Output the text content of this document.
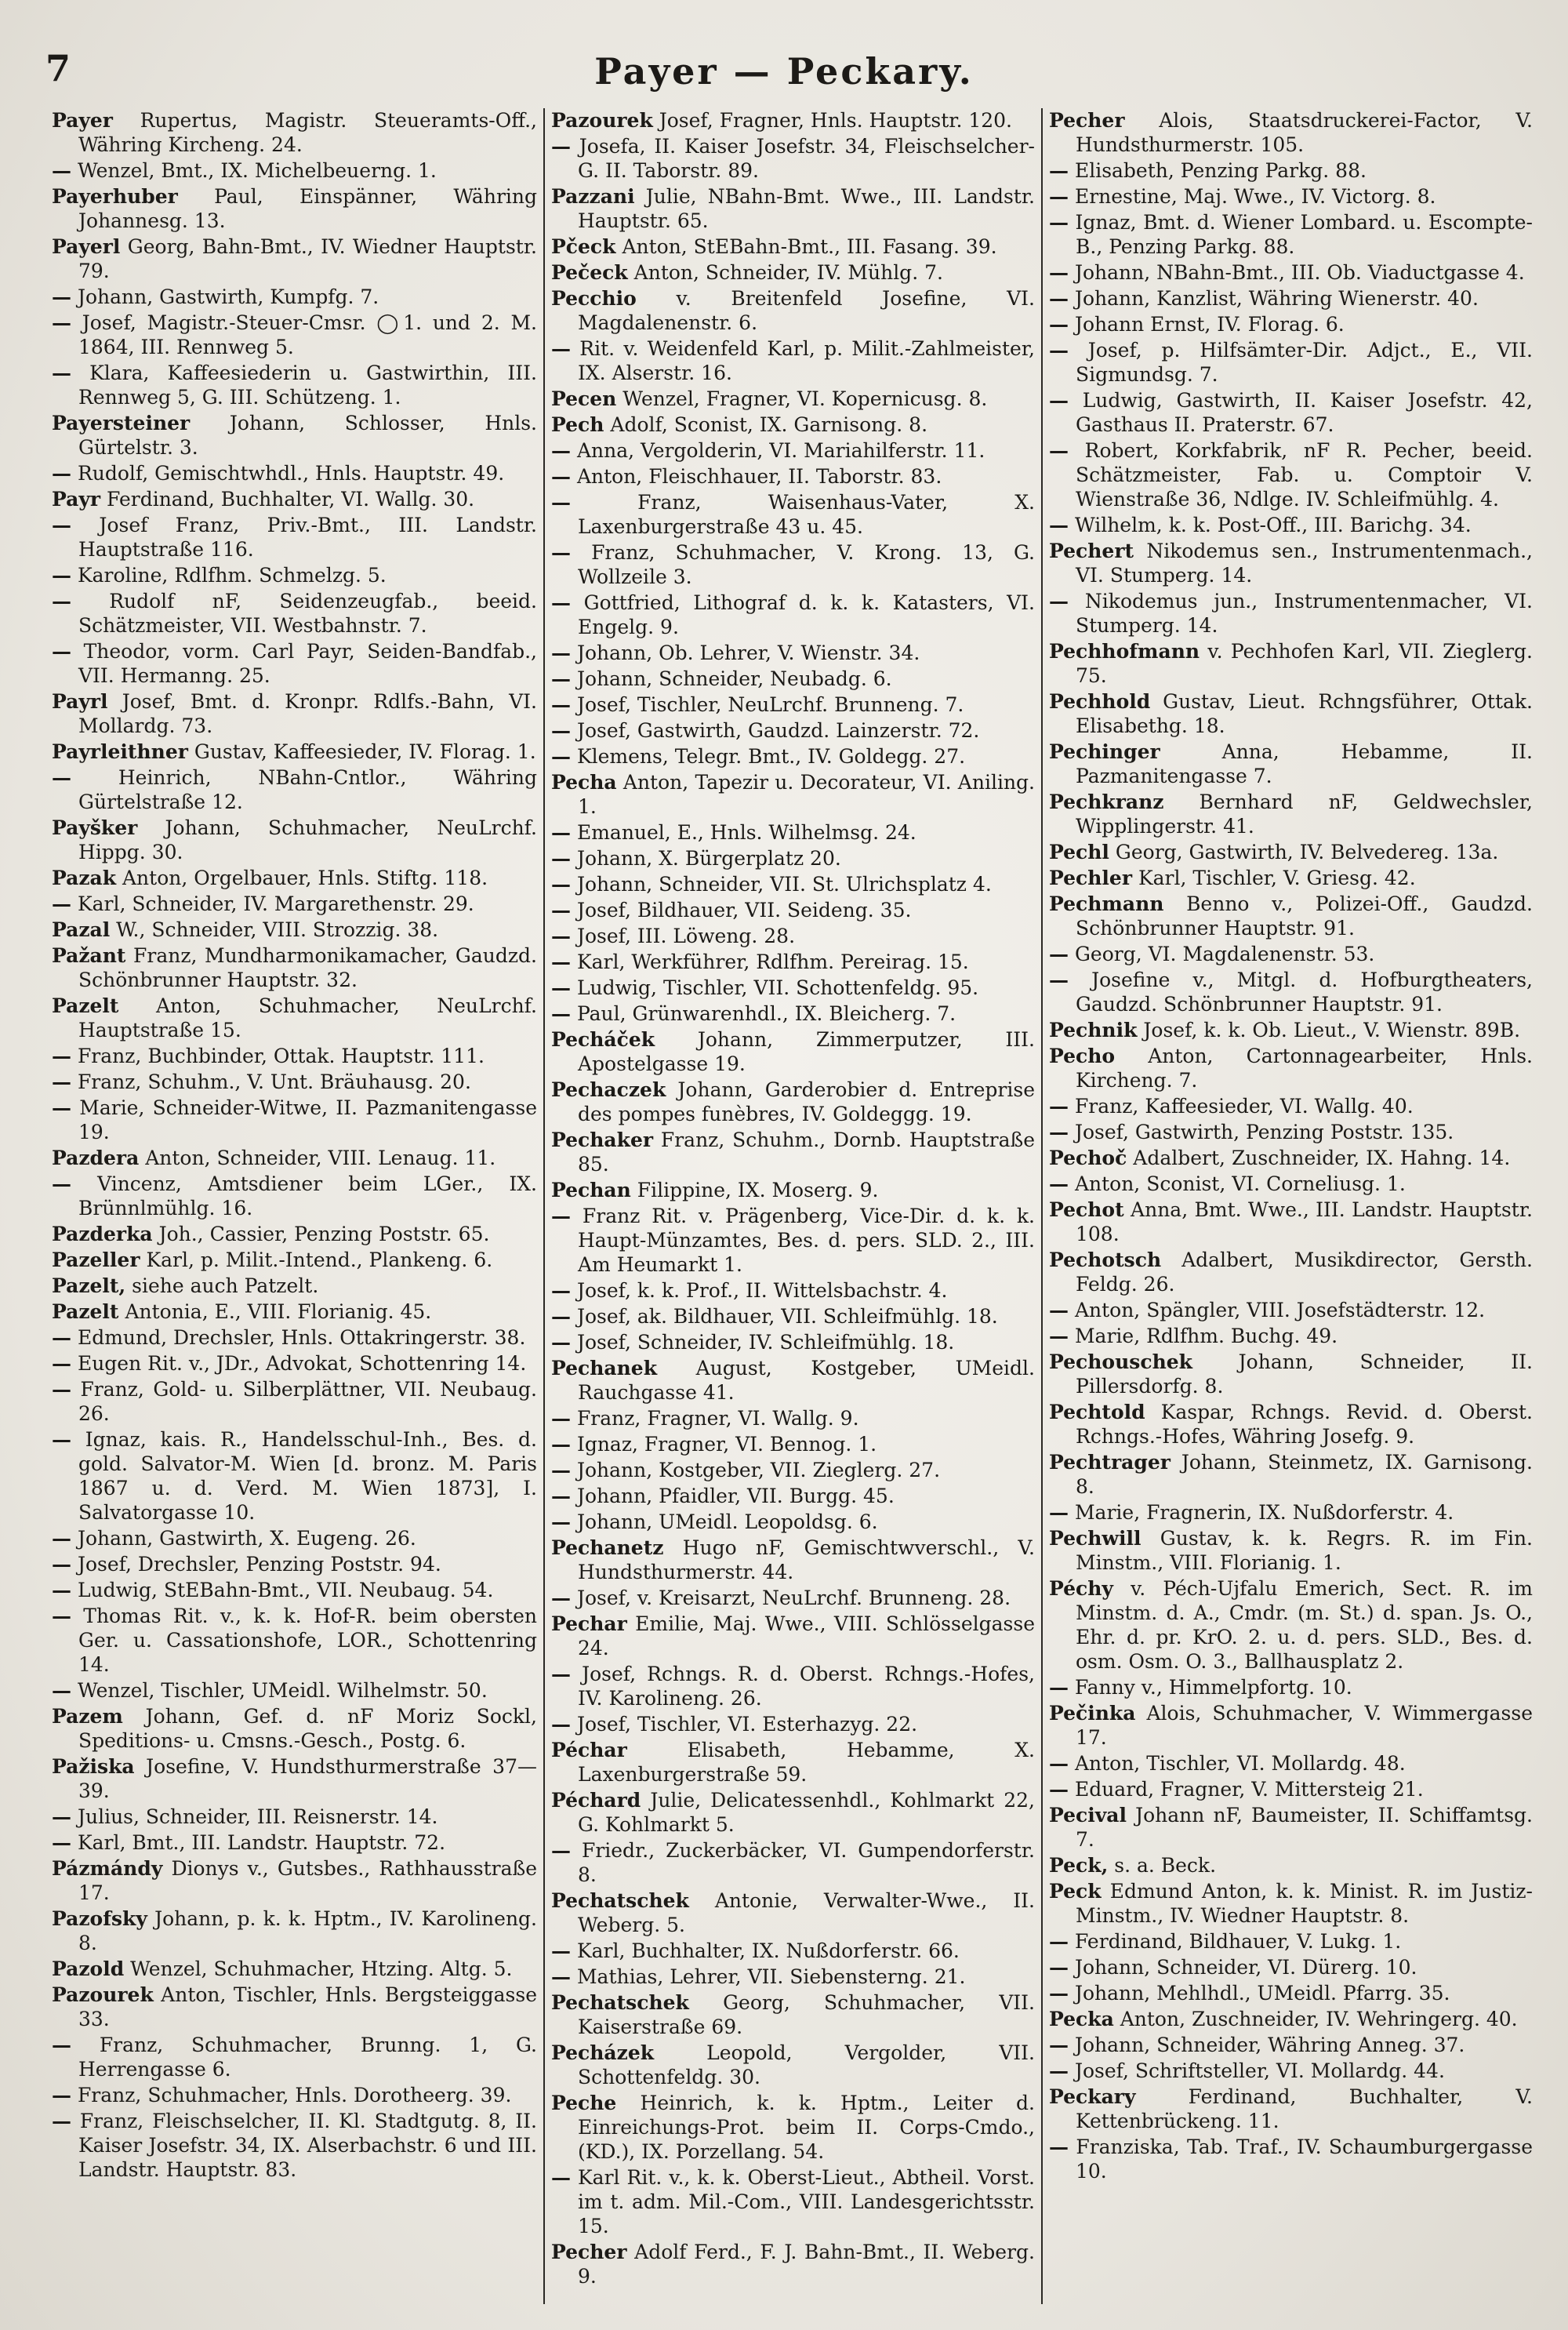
7	Payer — Peckary.
Payer Rupertus, Magistr. Steueramts-Off., Währing Kircheng. 24.
— Wenzel, Bmt., IX. Michelbeuerng. 1.
Payerhuber Paul, Einspänner, Währing Johannesg. 13.
Payerl Georg, Bahn-Bmt., IV. Wiedner Hauptstr. 79.
— Johann, Gastwirth, Kumpfg. 7.
— Josef, Magistr.-Steuer-Cmsr. ◯1. und 2. M. 1864, III. Rennweg 5.
— Klara, Kaffeesiederin u. Gastwirthin, III. Rennweg 5, G. III. Schützeng. 1.
Payersteiner Johann, Schlosser, Hnls. Gürtelstr. 3.
— Rudolf, Gemischtwhdl., Hnls. Hauptstr. 49.
Payr Ferdinand, Buchhalter, VI. Wallg. 30.
— Josef Franz, Priv.-Bmt., III. Landstr. Hauptstraße 116.
— Karoline, Rdlfhm. Schmelzg. 5.
— Rudolf nF, Seidenzeugfab., beeid. Schätzmeister, VII. Westbahnstr. 7.
— Theodor, vorm. Carl Payr, Seiden-Bandfab., VII. Hermanng. 25.
Payrl Josef, Bmt. d. Kronpr. Rdlfs.-Bahn, VI. Mollardg. 73.
Payrleithner Gustav, Kaffeesieder, IV. Florag. 1.
— Heinrich, NBahn-Cntlor., Währing Gürtelstraße 12.
Payšker Johann, Schuhmacher, NeuLrchf. Hippg. 30.
Pazak Anton, Orgelbauer, Hnls. Stiftg. 118.
— Karl, Schneider, IV. Margarethenstr. 29.
Pazal W., Schneider, VIII. Strozzig. 38.
Pažant Franz, Mundharmonikamacher, Gaudzd. Schönbrunner Hauptstr. 32.
Pazelt Anton, Schuhmacher, NeuLrchf. Hauptstraße 15.
— Franz, Buchbinder, Ottak. Hauptstr. 111.
— Franz, Schuhm., V. Unt. Bräuhausg. 20.
— Marie, Schneider-Witwe, II. Pazmanitengasse 19.
Pazdera Anton, Schneider, VIII. Lenaug. 11.
— Vincenz, Amtsdiener beim LGer., IX. Brünnlmühlg. 16.
Pazderka Joh., Cassier, Penzing Poststr. 65.
Pazeller Karl, p. Milit.-Intend., Plankeng. 6.
Pazelt, siehe auch Patzelt.
Pazelt Antonia, E., VIII. Florianig. 45.
— Edmund, Drechsler, Hnls. Ottakringerstr. 38.
— Eugen Rit. v., JDr., Advokat, Schottenring 14.
— Franz, Gold- u. Silberplättner, VII. Neubaug. 26.
— Ignaz, kais. R., Handelsschul-Inh., Bes. d. gold. Salvator-M. Wien [d. bronz. M. Paris 1867 u. d. Verd. M. Wien 1873], I. Salvatorgasse 10.
— Johann, Gastwirth, X. Eugeng. 26.
— Josef, Drechsler, Penzing Poststr. 94.
— Ludwig, StEBahn-Bmt., VII. Neubaug. 54.
— Thomas Rit. v., k. k. Hof-R. beim obersten Ger. u. Cassationshofe, LOR., Schottenring 14.
— Wenzel, Tischler, UMeidl. Wilhelmstr. 50.
Pazem Johann, Gef. d. nF Moriz Sockl, Speditions- u. Cmsns.-Gesch., Postg. 6.
Pažiska Josefine, V. Hundsthurmerstraße 37—39.
— Julius, Schneider, III. Reisnerstr. 14.
— Karl, Bmt., III. Landstr. Hauptstr. 72.
Pázmándy Dionys v., Gutsbes., Rathhausstraße 17.
Pazofsky Johann, p. k. k. Hptm., IV. Karolineng. 8.
Pazold Wenzel, Schuhmacher, Htzing. Altg. 5.
Pazourek Anton, Tischler, Hnls. Bergsteiggasse 33.
— Franz, Schuhmacher, Brunng. 1, G. Herrengasse 6.
— Franz, Schuhmacher, Hnls. Dorotheerg. 39.
— Franz, Fleischselcher, II. Kl. Stadtgutg. 8, II. Kaiser Josefstr. 34, IX. Alserbachstr. 6 und III. Landstr. Hauptstr. 83.
Pazourek Josef, Fragner, Hnls. Hauptstr. 120.
— Josefa, II. Kaiser Josefstr. 34, Fleischselcher-G. II. Taborstr. 89.
Pazzani Julie, NBahn-Bmt. Wwe., III. Landstr. Hauptstr. 65.
Pčeck Anton, StEBahn-Bmt., III. Fasang. 39.
Pečeck Anton, Schneider, IV. Mühlg. 7.
Pecchio v. Breitenfeld Josefine, VI. Magdalenenstr. 6.
— Rit. v. Weidenfeld Karl, p. Milit.-Zahlmeister, IX. Alserstr. 16.
Pecen Wenzel, Fragner, VI. Kopernicusg. 8.
Pech Adolf, Sconist, IX. Garnisong. 8.
— Anna, Vergolderin, VI. Mariahilferstr. 11.
— Anton, Fleischhauer, II. Taborstr. 83.
—	Franz, Waisenhaus-Vater, X. Laxenburgerstraße 43 u. 45.
— Franz, Schuhmacher, V. Krong. 13, G. Wollzeile 3.
— Gottfried, Lithograf d. k. k. Katasters, VI. Engelg. 9.
— Johann, Ob. Lehrer, V. Wienstr. 34.
— Johann, Schneider, Neubadg. 6.
— Josef, Tischler, NeuLrchf. Brunneng. 7.
— Josef, Gastwirth, Gaudzd. Lainzerstr. 72.
— Klemens, Telegr. Bmt., IV. Goldegg. 27.
Pecha Anton, Tapezir u. Decorateur, VI. Aniling. 1.
— Emanuel, E., Hnls. Wilhelmsg. 24.
— Johann, X. Bürgerplatz 20.
— Johann, Schneider, VII. St. Ulrichsplatz 4.
— Josef, Bildhauer, VII. Seideng. 35.
— Josef, III. Löweng. 28.
— Karl, Werkführer, Rdlfhm. Pereirag. 15.
— Ludwig, Tischler, VII. Schottenfeldg. 95.
— Paul, Grünwarenhdl., IX. Bleicherg. 7.
Pecháček Johann, Zimmerputzer, III. Apostelgasse 19.
Pechaczek Johann, Garderobier d. Entreprise des pompes funèbres, IV. Goldeggg. 19.
Pechaker Franz, Schuhm., Dornb. Hauptstraße 85.
Pechan Filippine, IX. Moserg. 9.
— Franz Rit. v. Prägenberg, Vice-Dir. d. k. k. Haupt-Münzamtes, Bes. d. pers. SLD. 2., III. Am Heumarkt 1.
— Josef, k. k. Prof., II. Wittelsbachstr. 4.
— Josef, ak. Bildhauer, VII. Schleifmühlg. 18.
— Josef, Schneider, IV. Schleifmühlg. 18.
Pechanek August, Kostgeber, UMeidl. Rauchgasse 41.
— Franz, Fragner, VI. Wallg. 9.
— Ignaz, Fragner, VI. Bennog. 1.
— Johann, Kostgeber, VII. Zieglerg. 27.
— Johann, Pfaidler, VII. Burgg. 45.
— Johann, UMeidl. Leopoldsg. 6.
Pechanetz Hugo nF, Gemischtwverschl., V. Hundsthurmerstr. 44.
— Josef, v. Kreisarzt, NeuLrchf. Brunneng. 28.
Pechar Emilie, Maj. Wwe., VIII. Schlösselgasse 24.
— Josef, Rchngs. R. d. Oberst. Rchngs.-Hofes, IV. Karolineng. 26.
— Josef, Tischler, VI. Esterhazyg. 22.
Péchar	Elisabeth, Hebamme, X. Laxenburgerstraße 59.
Péchard Julie, Delicatessenhdl., Kohlmarkt 22, G. Kohlmarkt 5.
— Friedr., Zuckerbäcker, VI. Gumpendorferstr. 8.
Pechatschek Antonie, Verwalter-Wwe., II. Weberg. 5.
— Karl, Buchhalter, IX. Nußdorferstr. 66.
— Mathias, Lehrer, VII. Siebensterng. 21.
Pechatschek Georg, Schuhmacher, VII. Kaiserstraße 69.
Pecházek	Leopold, Vergolder, VII. Schottenfeldg. 30.
Peche Heinrich, k. k. Hptm., Leiter d. Einreichungs-Prot. beim II. Corps-Cmdo., (KD.), IX. Porzellang. 54.
— Karl Rit. v., k. k. Oberst-Lieut., Abtheil. Vorst. im t. adm. Mil.-Com., VIII. Landesgerichtsstr. 15.
Pecher Adolf Ferd., F. J. Bahn-Bmt., II. Weberg. 9.
Pecher Alois, Staatsdruckerei-Factor, V. Hundsthurmerstr. 105.
— Elisabeth, Penzing Parkg. 88.
— Ernestine, Maj. Wwe., IV. Victorg. 8.
— Ignaz, Bmt. d. Wiener Lombard. u. Escompte-B., Penzing Parkg. 88.
— Johann, NBahn-Bmt., III. Ob. Viaductgasse 4.
— Johann, Kanzlist, Währing Wienerstr. 40.
— Johann Ernst, IV. Florag. 6.
— Josef, p. Hilfsämter-Dir. Adjct., E., VII. Sigmundsg. 7.
— Ludwig, Gastwirth, II. Kaiser Josefstr. 42, Gasthaus II. Praterstr. 67.
— Robert, Korkfabrik, nF R. Pecher, beeid. Schätzmeister, Fab. u. Comptoir V. Wienstraße 36, Ndlge. IV. Schleifmühlg. 4.
— Wilhelm, k. k. Post-Off., III. Barichg. 34.
Pechert Nikodemus sen., Instrumentenmach., VI. Stumperg. 14.
— Nikodemus jun., Instrumentenmacher, VI. Stumperg. 14.
Pechhofmann v. Pechhofen Karl, VII. Zieglerg. 75.
Pechhold Gustav, Lieut. Rchngsführer, Ottak. Elisabethg. 18.
Pechinger	Anna, Hebamme, II. Pazmanitengasse 7.
Pechkranz Bernhard nF, Geldwechsler, Wipplingerstr. 41.
Pechl Georg, Gastwirth, IV. Belvedereg. 13a.
Pechler Karl, Tischler, V. Griesg. 42.
Pechmann Benno v., Polizei-Off., Gaudzd. Schönbrunner Hauptstr. 91.
— Georg, VI. Magdalenenstr. 53.
— Josefine v., Mitgl. d. Hofburgtheaters, Gaudzd. Schönbrunner Hauptstr. 91.
Pechnik Josef, k. k. Ob. Lieut., V. Wienstr. 89B.
Pecho Anton, Cartonnagearbeiter, Hnls. Kircheng. 7.
— Franz, Kaffeesieder, VI. Wallg. 40.
— Josef, Gastwirth, Penzing Poststr. 135.
Pechoč Adalbert, Zuschneider, IX. Hahng. 14.
— Anton, Sconist, VI. Corneliusg. 1.
Pechot Anna, Bmt. Wwe., III. Landstr. Hauptstr. 108.
Pechotsch Adalbert, Musikdirector, Gersth. Feldg. 26.
— Anton, Spängler, VIII. Josefstädterstr. 12.
— Marie, Rdlfhm. Buchg. 49.
Pechouschek Johann, Schneider, II. Pillersdorfg. 8.
Pechtold Kaspar, Rchngs. Revid. d. Oberst. Rchngs.-Hofes, Währing Josefg. 9.
Pechtrager Johann, Steinmetz, IX. Garnisong. 8.
— Marie, Fragnerin, IX. Nußdorferstr. 4.
Pechwill Gustav, k. k. Regrs. R. im Fin. Minstm., VIII. Florianig. 1.
Péchy v. Péch-Ujfalu Emerich, Sect. R. im Minstm. d. A., Cmdr. (m. St.) d. span. Js. O., Ehr. d. pr. KrO. 2. u. d. pers. SLD., Bes. d. osm. Osm. O. 3., Ballhausplatz 2.
— Fanny v., Himmelpfortg. 10.
Pečinka Alois, Schuhmacher, V. Wimmergasse 17.
— Anton, Tischler, VI. Mollardg. 48.
— Eduard, Fragner, V. Mittersteig 21.
Pecival Johann nF, Baumeister, II. Schiffamtsg. 7.
Peck, s. a. Beck.
Peck Edmund Anton, k. k. Minist. R. im Justiz-Minstm., IV. Wiedner Hauptstr. 8.
— Ferdinand, Bildhauer, V. Lukg. 1.
— Johann, Schneider, VI. Dürerg. 10.
— Johann, Mehlhdl., UMeidl. Pfarrg. 35.
Pecka Anton, Zuschneider, IV. Wehringerg. 40.
— Johann, Schneider, Währing Anneg. 37.
— Josef, Schriftsteller, VI. Mollardg. 44.
Peckary	Ferdinand, Buchhalter, V. Kettenbrückeng. 11.
— Franziska, Tab. Traf., IV. Schaumburgergasse 10.
